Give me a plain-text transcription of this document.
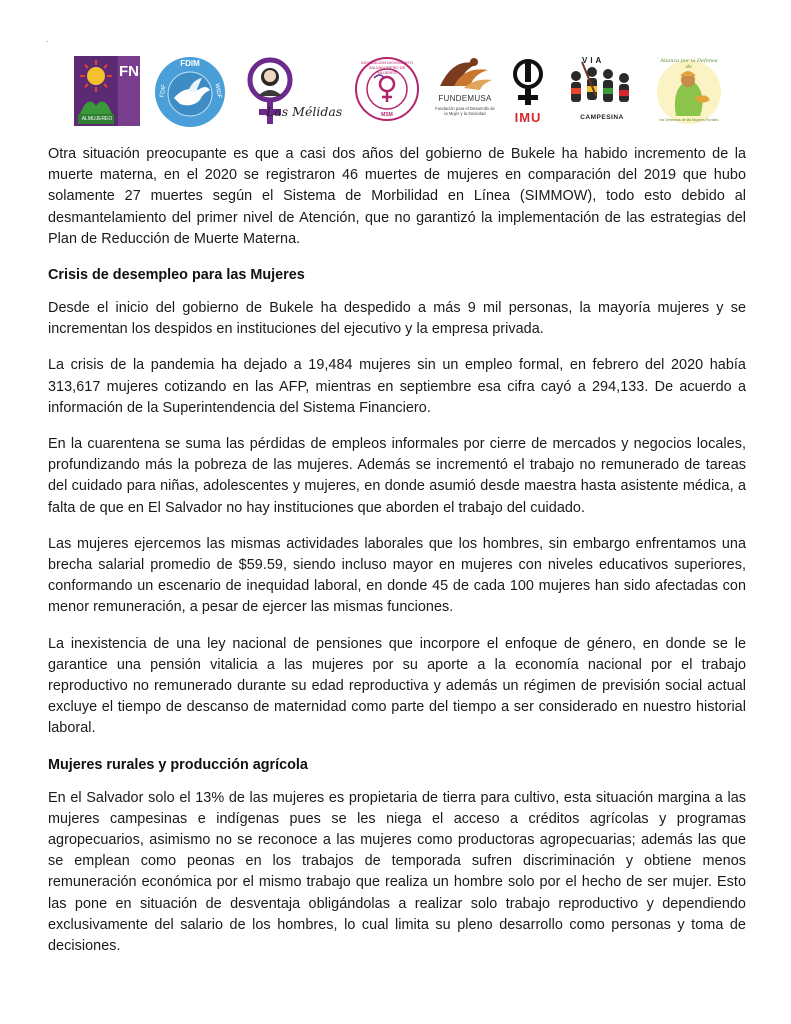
.
FNS
ALMUJEREO
FDIM
FDIF	WIDF
Las Mélidas
ASOCIACIÓN MOVIMIENTO SALVADOREÑO DE MUJERES
MSM
FUNDEMUSA
Fundación para el Desarrollo de
la Mujer y la Sociedad	IMU
VIA
CAMPESINA
Alianza por la Defensa de
los Derechos de las Mujeres Rurales

Otra situación preocupante es que a casi dos años del gobierno de Bukele ha habido incremento de la muerte materna, en el 2020 se registraron 46 muertes de mujeres en comparación del 2019 que hubo solamente 27 muertes según el Sistema de Morbilidad en Línea (SIMMOW), todo esto debido al desmantelamiento del primer nivel de Atención, que no garantizó la implementación de las estrategias del Plan de Reducción de Muerte Materna.

Crisis de desempleo para las Mujeres

Desde el inicio del gobierno de Bukele ha despedido a más 9 mil personas, la mayoría mujeres y se incrementan los despidos en instituciones del ejecutivo y la empresa privada.

La crisis de la pandemia ha dejado a 19,484 mujeres sin un empleo formal, en febrero del 2020 había 313,617 mujeres cotizando en las AFP, mientras en septiembre esa cifra cayó a 294,133. De acuerdo a información de la Superintendencia del Sistema Financiero.

En la cuarentena se suma las pérdidas de empleos informales por cierre de mercados y negocios locales, profundizando más la pobreza de las mujeres. Además se incrementó el trabajo no remunerado de tareas del cuidado para niñas, adolescentes y mujeres, en donde asumió desde maestra hasta asistente médica, a falta de que en El Salvador no hay instituciones que aborden el trabajo del cuidado.

Las mujeres ejercemos las mismas actividades laborales que los hombres, sin embargo enfrentamos una brecha salarial promedio de $59.59, siendo incluso mayor en mujeres con niveles educativos superiores, conformando un escenario de inequidad laboral, en donde 45 de cada 100 mujeres han sido afectadas con menor remuneración, a pesar de ejercer las mismas funciones.

La inexistencia de una ley nacional de pensiones que incorpore el enfoque de género, en donde se le garantice una pensión vitalicia a las mujeres por su aporte a la economía nacional por el trabajo reproductivo no remunerado durante su edad reproductiva y además un régimen de previsión social actual excluye el tiempo de descanso de maternidad como parte del tiempo a ser considerado en nuestro historial laboral.

Mujeres rurales y producción agrícola

En el Salvador solo el 13% de las mujeres es propietaria de tierra para cultivo, esta situación margina a las mujeres campesinas e indígenas pues se les niega el acceso a créditos agrícolas y programas agropecuarios, asimismo no se reconoce a las mujeres como productoras agropecuarias; además las que se emplean como peonas en los trabajos de temporada sufren discriminación y obtiene menos remuneración económica por el mismo trabajo que realiza un hombre solo por el hecho de ser mujer. Esto las pone en situación de desventaja obligándolas a realizar solo trabajo reproductivo y dependiendo exclusivamente del salario de los hombres, lo cual limita su pleno desarrollo como personas y toma de decisiones.
